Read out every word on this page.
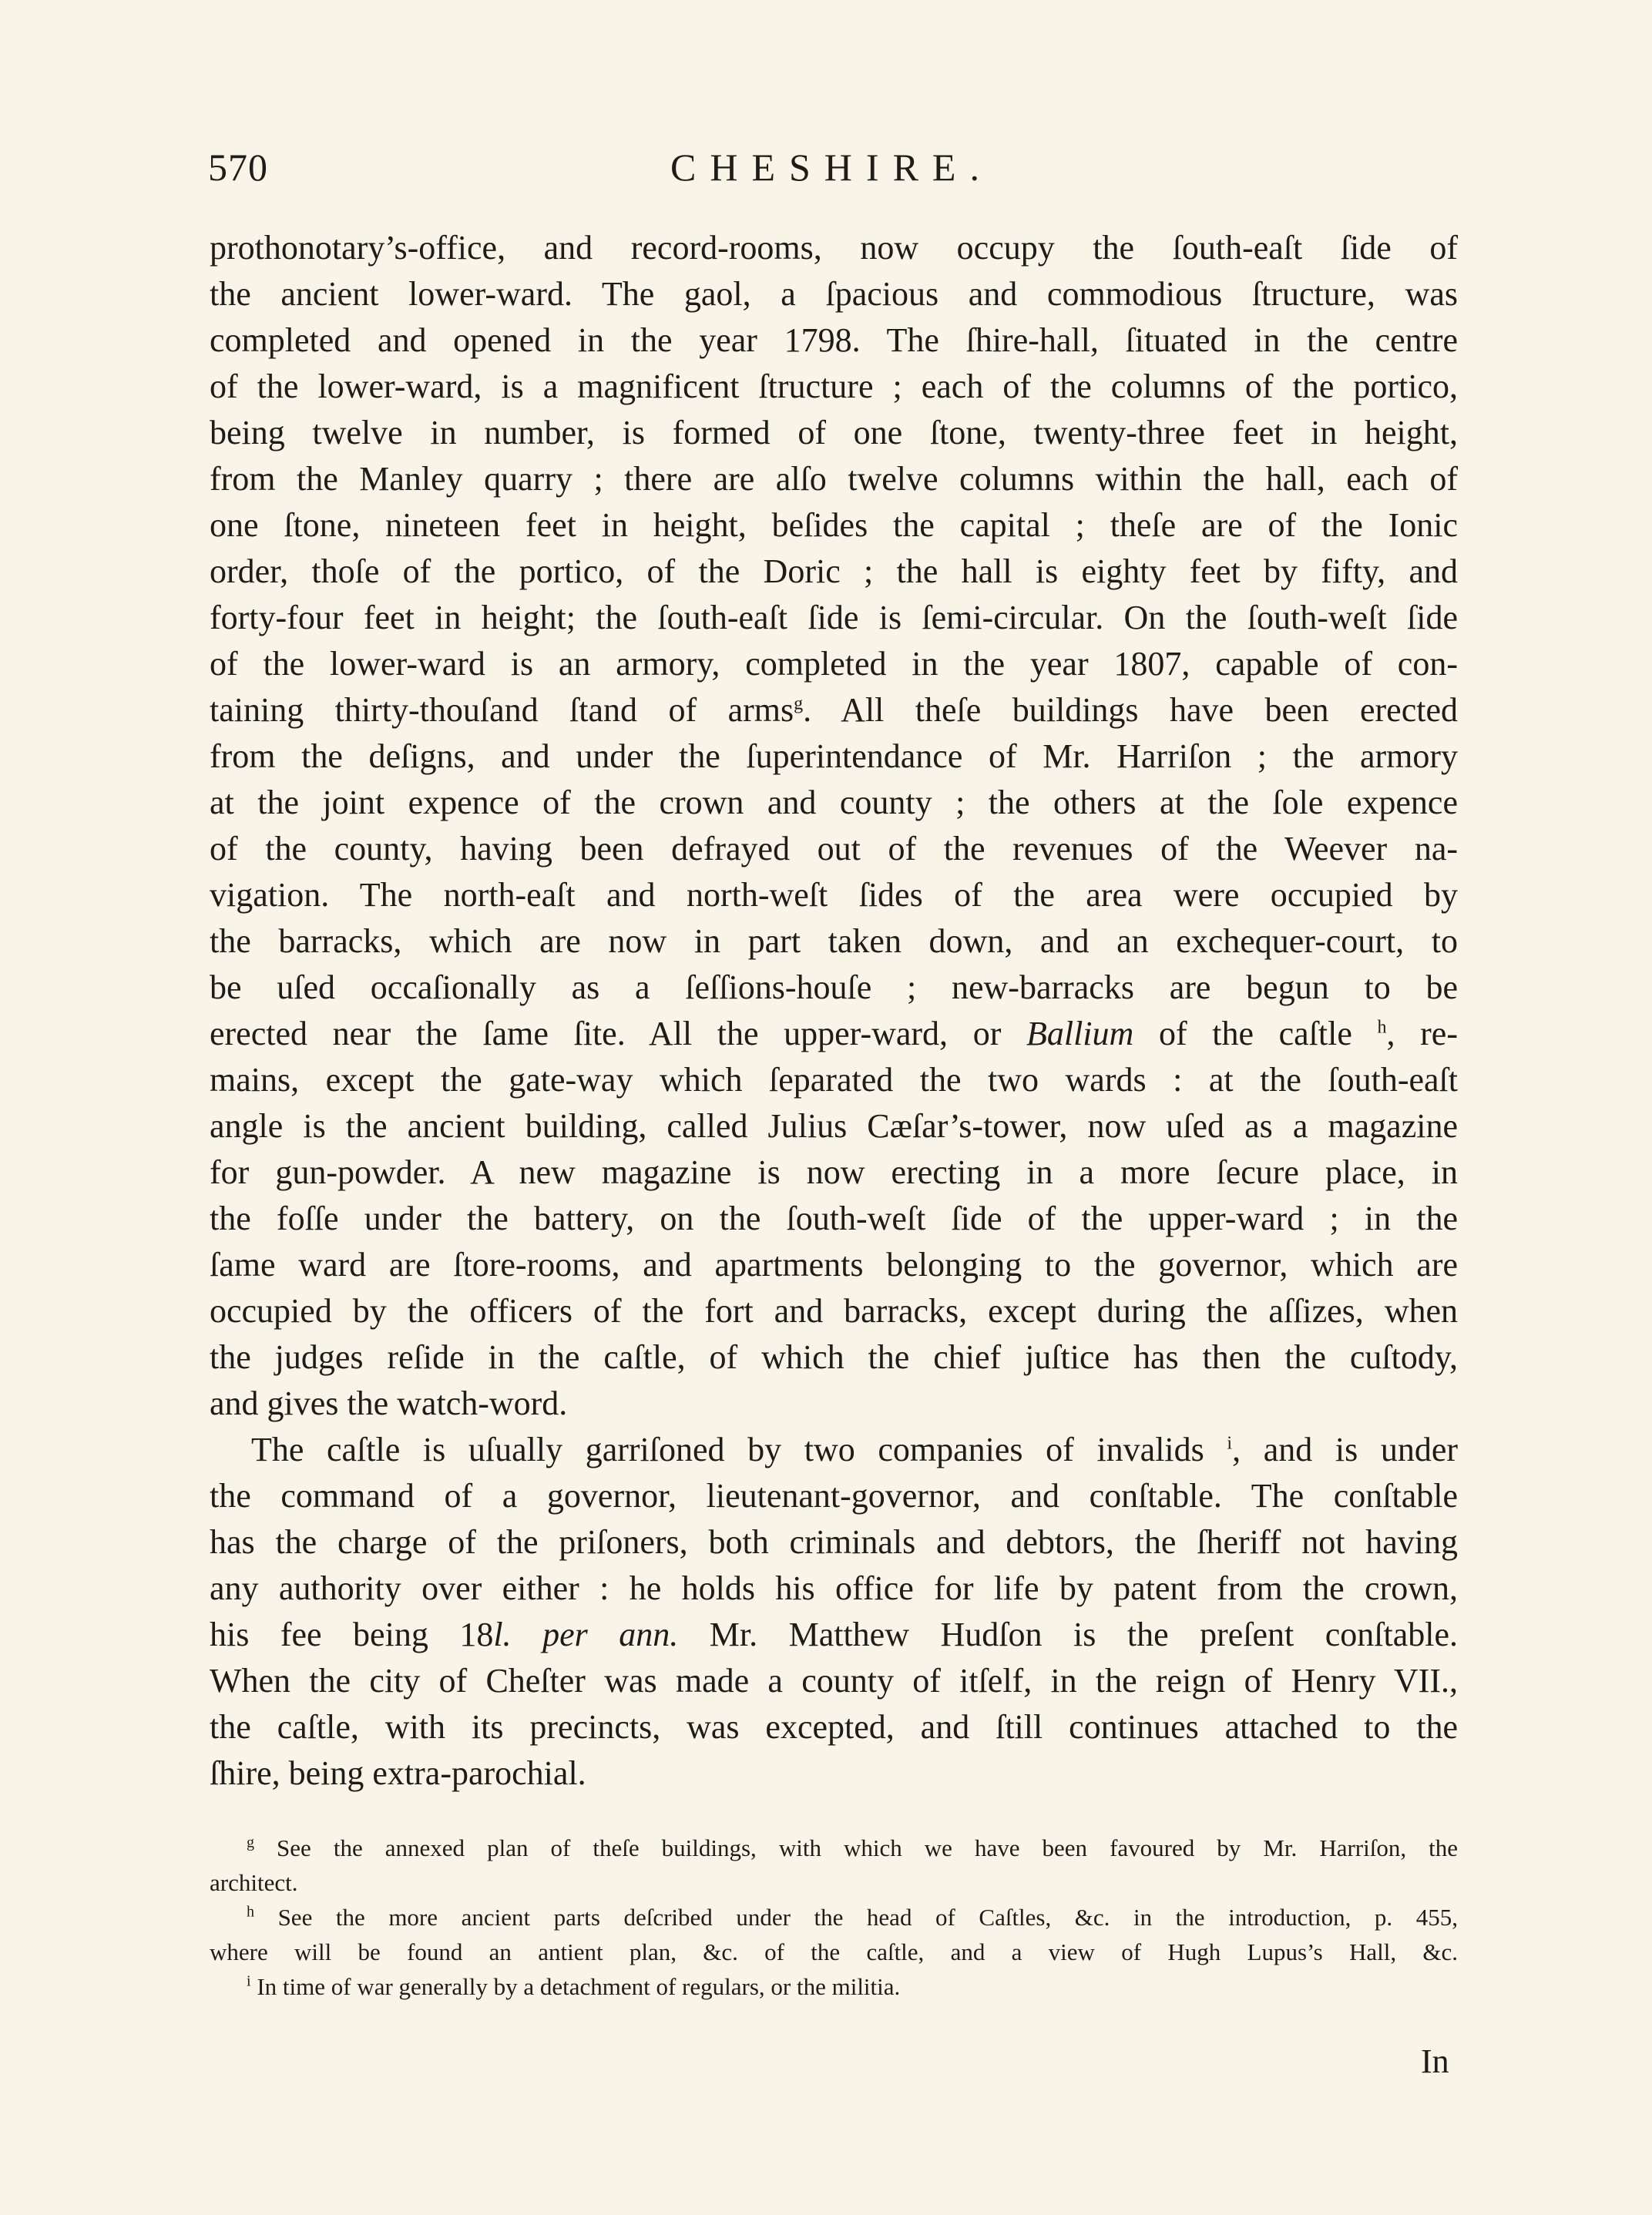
570	CHESHIRE.
prothonotary’s-office, and record-rooms, now occupy the ſouth-eaſt ſide of
the ancient lower-ward. The gaol, a ſpacious and commodious ſtructure, was
completed and opened in the year 1798. The ſhire-hall, ſituated in the centre
of the lower-ward, is a magnificent ſtructure ; each of the columns of the portico,
being twelve in number, is formed of one ſtone, twenty-three feet in height,
from the Manley quarry ; there are alſo twelve columns within the hall, each of
one ſtone, nineteen feet in height, beſides the capital ; theſe are of the Ionic
order, thoſe of the portico, of the Doric ; the hall is eighty feet by fifty, and
forty-four feet in height; the ſouth-eaſt ſide is ſemi-circular. On the ſouth-weſt ſide
of the lower-ward is an armory, completed in the year 1807, capable of con-
taining thirty-thouſand ſtand of arms$^g$. All theſe buildings have been erected
from the deſigns, and under the ſuperintendance of Mr. Harriſon ; the armory
at the joint expence of the crown and county ; the others at the ſole expence
of the county, having been defrayed out of the revenues of the Weever na-
vigation. The north-eaſt and north-weſt ſides of the area were occupied by
the barracks, which are now in part taken down, and an exchequer-court, to
be uſed occaſionally as a ſeſſions-houſe ; new-barracks are begun to be
erected near the ſame ſite. All the upper-ward, or Ballium of the caſtle $^h$, re-
mains, except the gate-way which ſeparated the two wards : at the ſouth-eaſt
angle is the ancient building, called Julius Cæſar’s-tower, now uſed as a magazine
for gun-powder. A new magazine is now erecting in a more ſecure place, in
the foſſe under the battery, on the ſouth-weſt ſide of the upper-ward ; in the
ſame ward are ſtore-rooms, and apartments belonging to the governor, which are
occupied by the officers of the fort and barracks, except during the aſſizes, when
the judges reſide in the caſtle, of which the chief juſtice has then the cuſtody,
and gives the watch-word.
The caſtle is uſually garriſoned by two companies of invalids $^i$, and is under
the command of a governor, lieutenant-governor, and conſtable. The conſtable
has the charge of the priſoners, both criminals and debtors, the ſheriff not having
any authority over either : he holds his office for life by patent from the crown,
his fee being 18l. per ann. Mr. Matthew Hudſon is the preſent conſtable.
When the city of Cheſter was made a county of itſelf, in the reign of Henry VII.,
the caſtle, with its precincts, was excepted, and ſtill continues attached to the
ſhire, being extra-parochial.
$^g$ See the annexed plan of theſe buildings, with which we have been favoured by Mr. Harriſon, the
architect.
$^h$ See the more ancient parts deſcribed under the head of Caſtles, &c. in the introduction, p. 455,
where will be found an antient plan, &c. of the caſtle, and a view of Hugh Lupus’s Hall, &c.
$^i$ In time of war generally by a detachment of regulars, or the militia.
In
